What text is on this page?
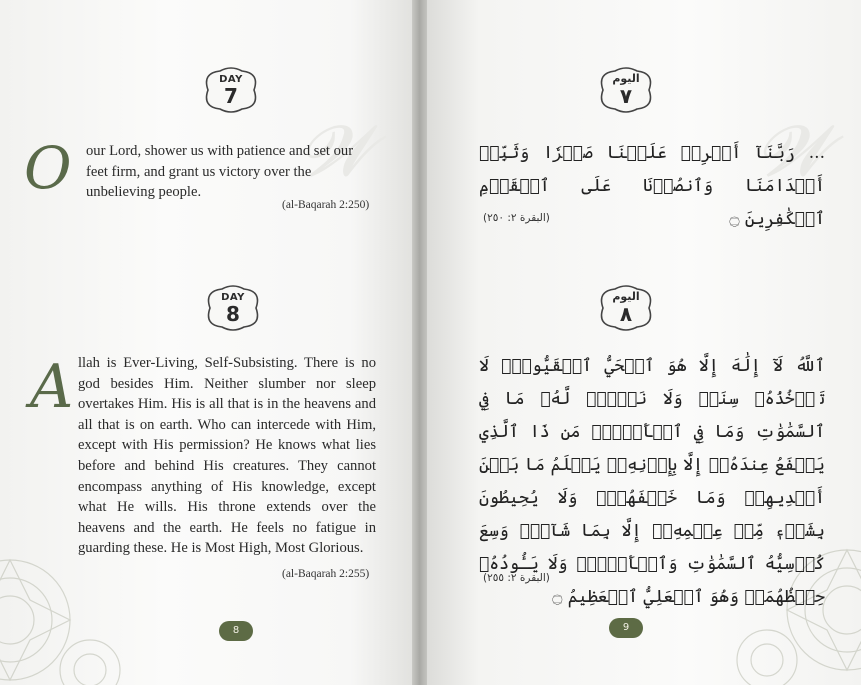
𝓦
DAY
7
O our Lord, shower us with patience and set our feet firm, and grant us victory over the unbelieving people.
(al-Baqarah 2:250)
DAY
8
A llah is Ever-Living, Self-Subsisting. There is no god besides Him. Neither slumber nor sleep overtakes Him. His is all that is in the heavens and all that is on earth. Who can intercede with Him, except with His permission? He knows what lies before and behind His creatures. They cannot encompass anything of His knowledge, except what He wills. His throne extends over the heavens and the earth. He feels no fatigue in guarding these. He is Most High, Most Glorious.
(al-Baqarah 2:255)
8
𝓦
اليوم
٧
... رَبَّنَآ أَفۡرِغۡ عَلَيۡنَا صَبۡرٗا وَثَبِّتۡ أَقۡدَامَنَا وَٱنصُرۡنَا عَلَى ٱلۡقَوۡمِ ٱلۡكَٰفِرِينَ ۝
(البقرة ٢: ٢٥٠)
اليوم
٨
ٱللَّهُ لَآ إِلَٰهَ إِلَّا هُوَ ٱلۡحَيُّ ٱلۡقَيُّومُۚ لَا تَأۡخُذُهُۥ سِنَةٞ وَلَا نَوۡمٞۚ لَّهُۥ مَا فِي ٱلسَّمَٰوَٰتِ وَمَا فِي ٱلۡأَرۡضِۗ مَن ذَا ٱلَّذِي يَشۡفَعُ عِندَهُۥٓ إِلَّا بِإِذۡنِهِۦۚ يَعۡلَمُ مَا بَيۡنَ أَيۡدِيهِمۡ وَمَا خَلۡفَهُمۡۖ وَلَا يُحِيطُونَ بِشَيۡءٖ مِّنۡ عِلۡمِهِۦٓ إِلَّا بِمَا شَآءَۚ وَسِعَ كُرۡسِيُّهُ ٱلسَّمَٰوَٰتِ وَٱلۡأَرۡضَۖ وَلَا يَـُٔودُهُۥ حِفۡظُهُمَاۚ وَهُوَ ٱلۡعَلِيُّ ٱلۡعَظِيمُ ۝
(البقرة ٢: ٢٥٥)
9
